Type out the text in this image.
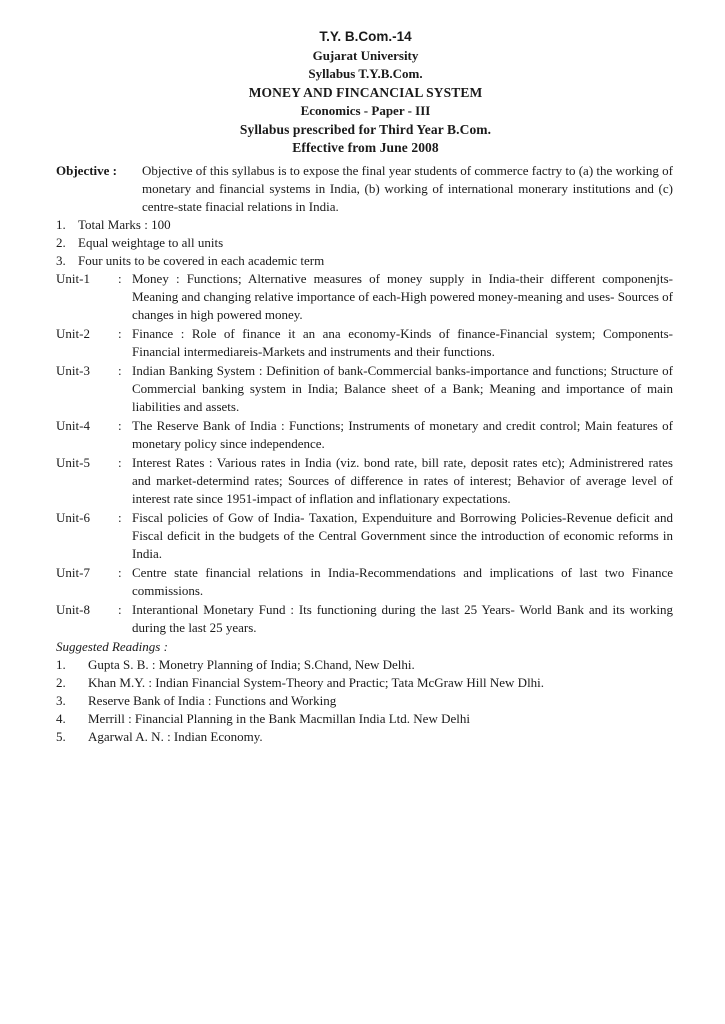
T.Y. B.Com.-14
Gujarat University
Syllabus T.Y.B.Com.
MONEY AND FINCANCIAL SYSTEM
Economics - Paper - III
Syllabus prescribed for Third Year B.Com.
Effective from June 2008
Objective :	Objective of this syllabus is to expose the final year students of commerce factry to (a) the working of monetary and financial systems in India, (b) working of international monerary institutions and (c) centre-state finacial relations in India.
1. Total Marks : 100
2. Equal weightage to all units
3. Four units to be covered in each academic term
Unit-1	: Money : Functions; Alternative measures of money supply in India-their different componenjts- Meaning and changing relative importance of each-High powered money-meaning and uses- Sources of changes in high powered money.
Unit-2	: Finance : Role of finance it an ana economy-Kinds of finance-Financial system; Components- Financial intermediareis-Markets and instruments and their functions.
Unit-3	: Indian Banking System : Definition of bank-Commercial banks-importance and functions; Structure of Commercial banking system in India; Balance sheet of a Bank; Meaning and importance of main liabilities and assets.
Unit-4	: The Reserve Bank of India : Functions; Instruments of monetary and credit control; Main features of monetary policy since independence.
Unit-5	: Interest Rates : Various rates in India (viz. bond rate, bill rate, deposit rates etc); Administrered rates and market-determind rates; Sources of difference in rates of interest; Behavior of average level of interest rate since 1951-impact of inflation and inflationary expectations.
Unit-6	: Fiscal policies of Gow of India- Taxation, Expenduiture and Borrowing Policies-Revenue deficit and Fiscal deficit in the budgets of the Central Government since the introduction of economic reforms in India.
Unit-7	: Centre state financial relations in India-Recommendations and implications of last two Finance commissions.
Unit-8	: Interantional Monetary Fund : Its functioning during the last 25 Years- World Bank and its working during the last 25 years.
Suggested Readings :
1.	Gupta S. B. : Monetry Planning of India; S.Chand, New Delhi.
2.	Khan M.Y. : Indian Financial System-Theory and Practic; Tata McGraw Hill New Dlhi.
3.	Reserve Bank of India : Functions and Working
4.	Merrill : Financial Planning in the Bank Macmillan India Ltd. New Delhi
5.	Agarwal A. N. : Indian Economy.
